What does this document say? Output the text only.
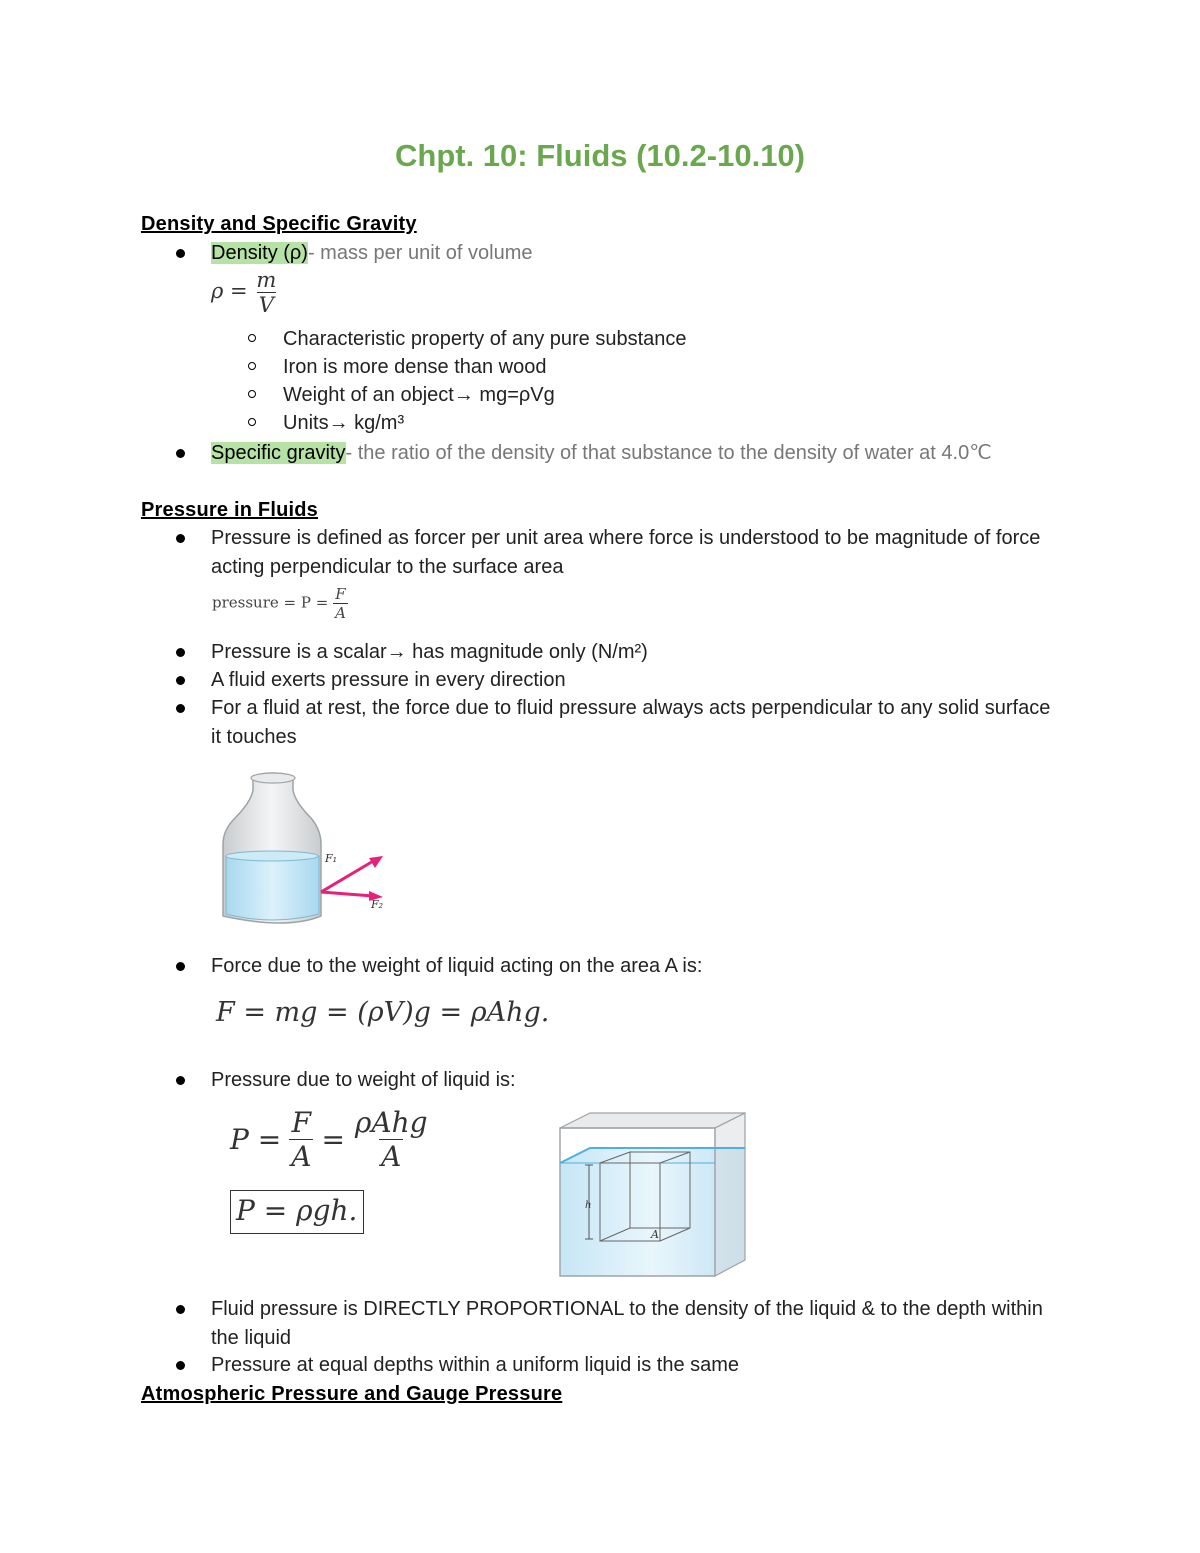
Chpt. 10: Fluids (10.2-10.10)
Density and Specific Gravity
Density (ρ)- mass per unit of volume
$\rho = \frac{m}{V}$
Characteristic property of any pure substance
Iron is more dense than wood
Weight of an object→ mg=ρVg
Units→ kg/m³
Specific gravity- the ratio of the density of that substance to the density of water at 4.0℃
Pressure in Fluids
Pressure is defined as forcer per unit area where force is understood to be magnitude of force acting perpendicular to the surface area
pressure = $P = \frac{F}{A}$
Pressure is a scalar→ has magnitude only (N/m²)
A fluid exerts pressure in every direction
For a fluid at rest, the force due to fluid pressure always acts perpendicular to any solid surface it touches
F₁
F₂
Force due to the weight of liquid acting on the area A is:
F = mg = (ρV)g = ρAhg.
Pressure due to weight of liquid is:
$P = \frac{F}{A} = \frac{\text{ρAhg}}{A}$
P = ρgh.	h
A
Fluid pressure is DIRECTLY PROPORTIONAL to the density of the liquid & to the depth within the liquid
Pressure at equal depths within a uniform liquid is the same
Atmospheric Pressure and Gauge Pressure
